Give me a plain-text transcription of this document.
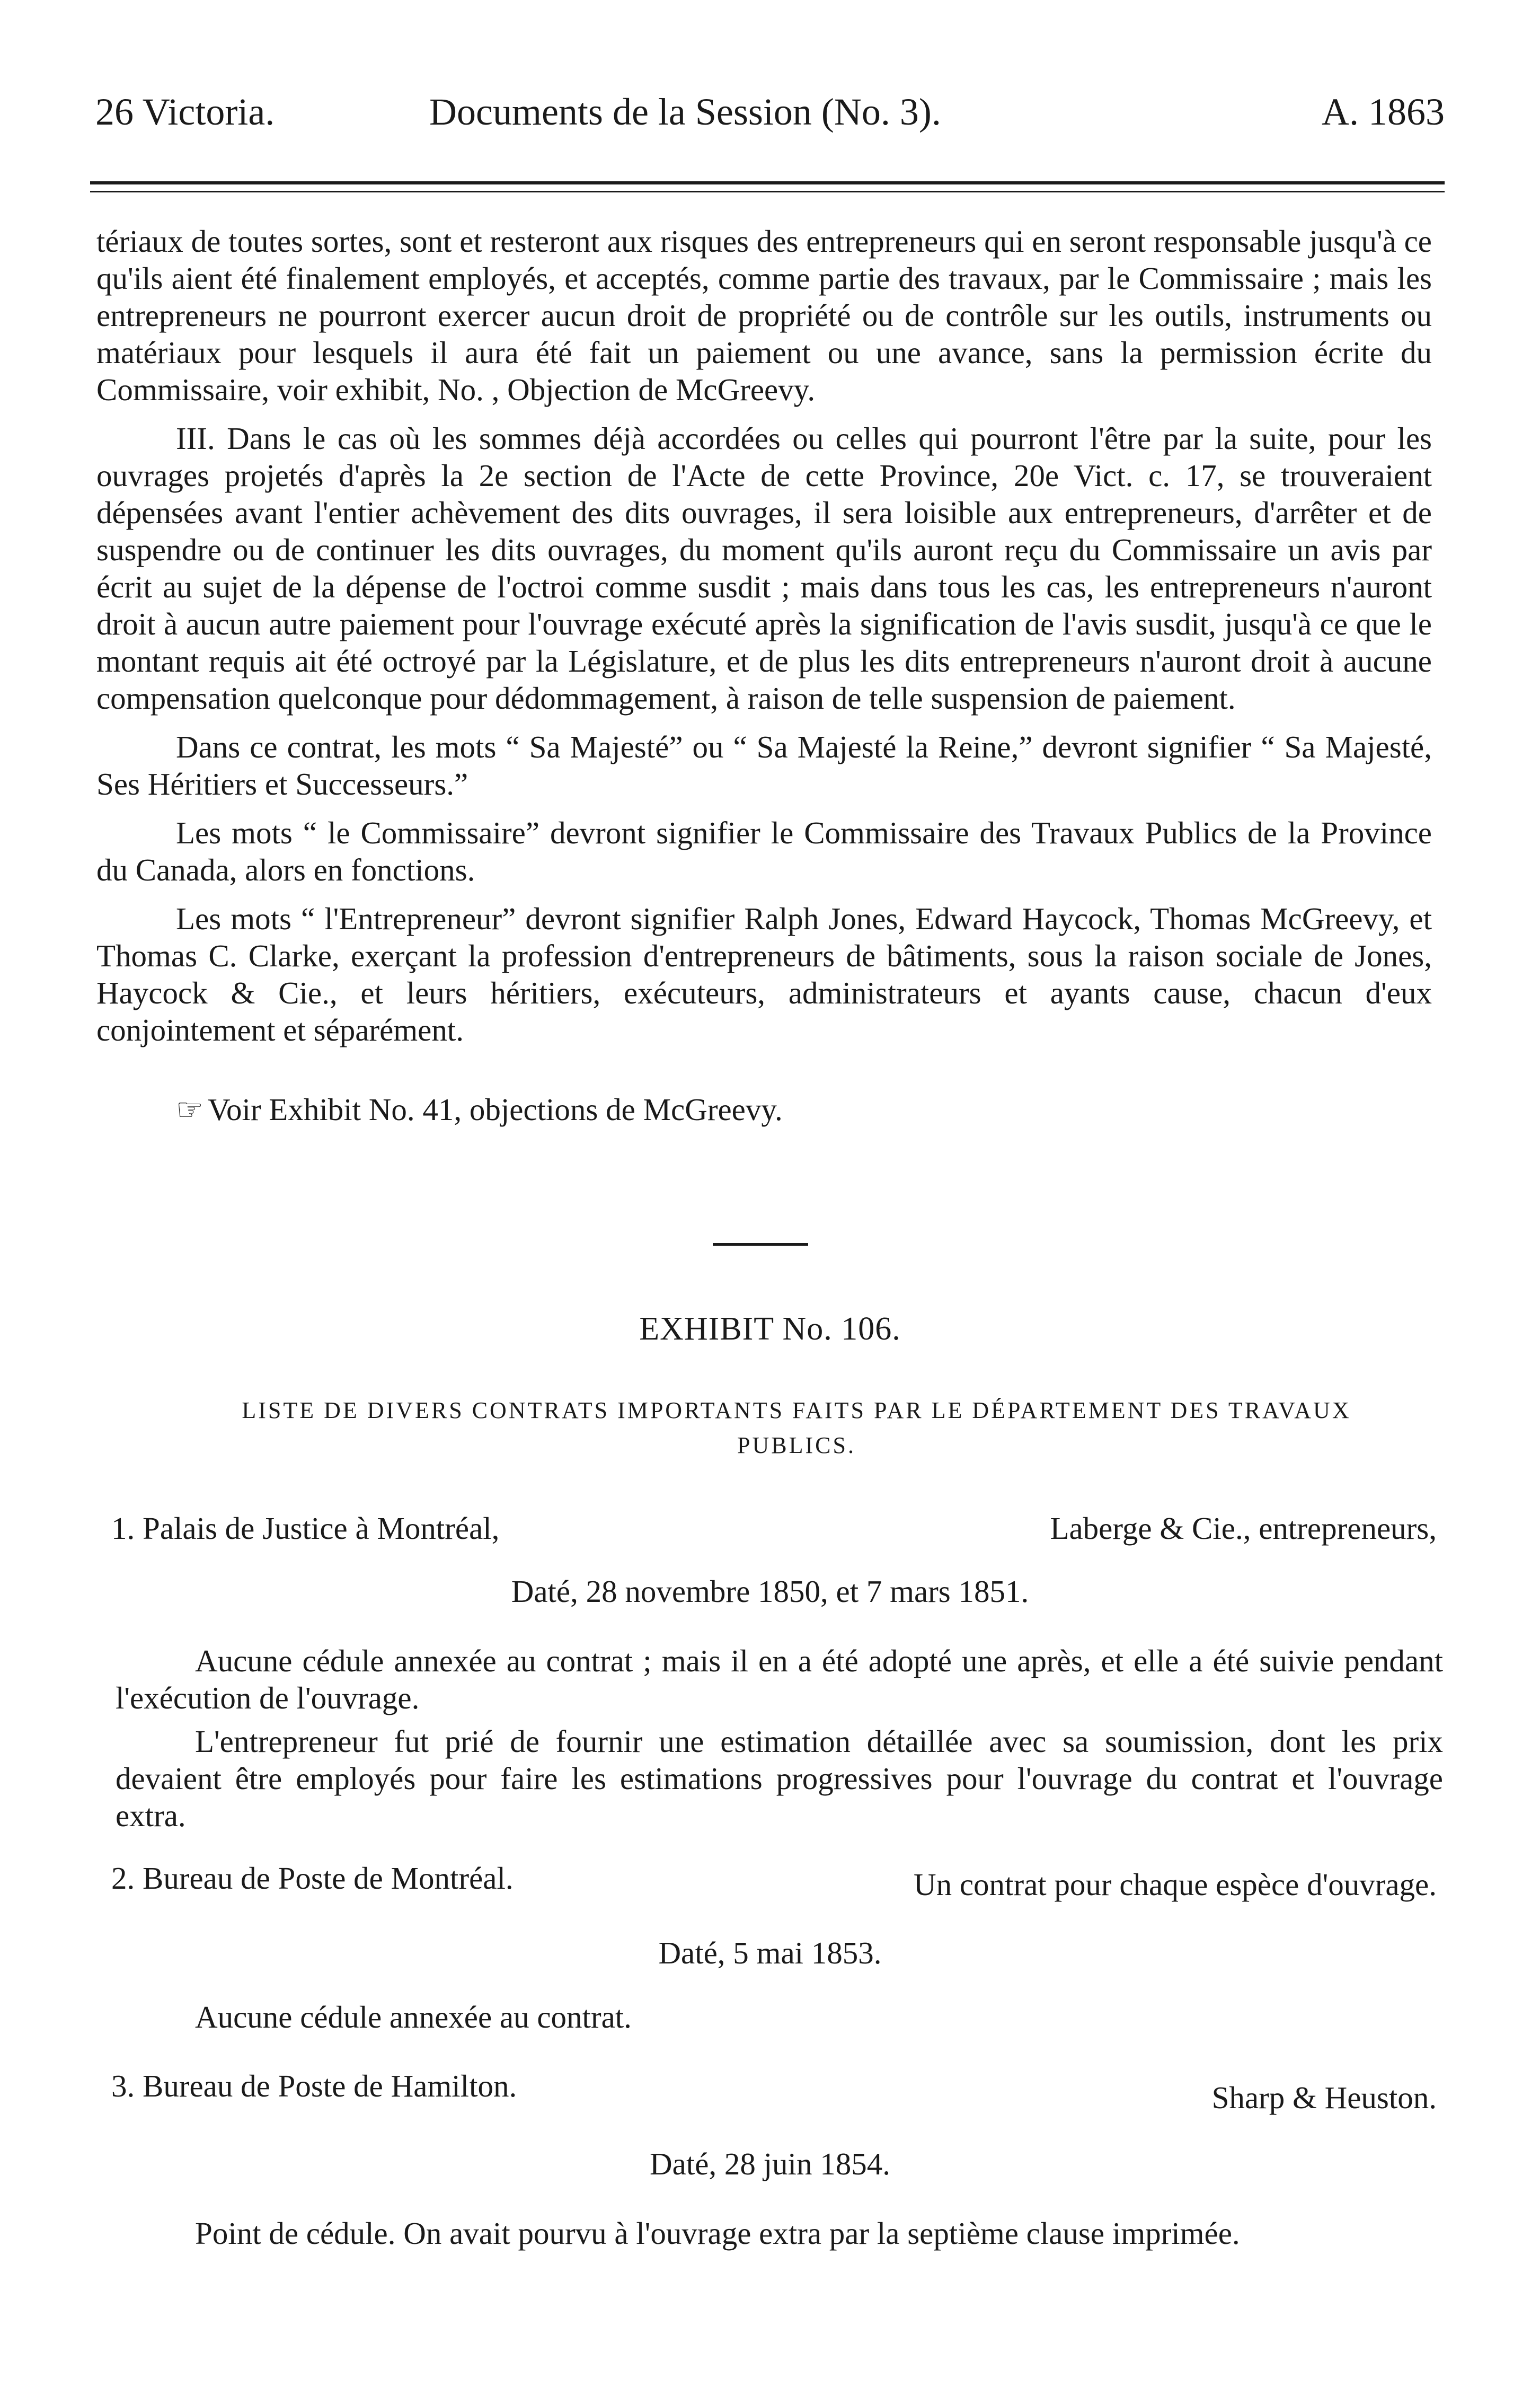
26 Victoria.	Documents de la Session (No. 3).	A. 1863

tériaux de toutes sortes, sont et resteront aux risques des entrepreneurs qui en seront responsable jusqu'à ce qu'ils aient été finalement employés, et acceptés, comme partie des travaux, par le Commissaire ; mais les entrepreneurs ne pourront exercer aucun droit de propriété ou de contrôle sur les outils, instruments ou matériaux pour lesquels il aura été fait un paiement ou une avance, sans la permission écrite du Commissaire, voir exhibit, No. , Objection de McGreevy.

III. Dans le cas où les sommes déjà accordées ou celles qui pourront l'être par la suite, pour les ouvrages projetés d'après la 2e section de l'Acte de cette Province, 20e Vict. c. 17, se trouveraient dépensées avant l'entier achèvement des dits ouvrages, il sera loisible aux entrepreneurs, d'arrêter et de suspendre ou de continuer les dits ouvrages, du moment qu'ils auront reçu du Commissaire un avis par écrit au sujet de la dépense de l'octroi comme susdit ; mais dans tous les cas, les entrepreneurs n'auront droit à aucun autre paiement pour l'ouvrage exécuté après la signification de l'avis susdit, jusqu'à ce que le montant requis ait été octroyé par la Législature, et de plus les dits entrepreneurs n'auront droit à aucune compensation quelconque pour dédommagement, à raison de telle suspension de paiement.

Dans ce contrat, les mots “ Sa Majesté” ou “ Sa Majesté la Reine,” devront signifier “ Sa Majesté, Ses Héritiers et Successeurs.”

Les mots “ le Commissaire” devront signifier le Commissaire des Travaux Publics de la Province du Canada, alors en fonctions.

Les mots “ l'Entrepreneur” devront signifier Ralph Jones, Edward Haycock, Thomas McGreevy, et Thomas C. Clarke, exerçant la profession d'entrepreneurs de bâtiments, sous la raison sociale de Jones, Haycock & Cie., et leurs héritiers, exécuteurs, administrateurs et ayants cause, chacun d'eux conjointement et séparément.

☞ Voir Exhibit No. 41, objections de McGreevy.

EXHIBIT No. 106.
LISTE DE DIVERS CONTRATS IMPORTANTS FAITS PAR LE DÉPARTEMENT DES TRAVAUX PUBLICS.
1. Palais de Justice à Montréal,	Laberge & Cie., entrepreneurs,
Daté, 28 novembre 1850, et 7 mars 1851.

Aucune cédule annexée au contrat ; mais il en a été adopté une après, et elle a été suivie pendant l'exécution de l'ouvrage.

L'entrepreneur fut prié de fournir une estimation détaillée avec sa soumission, dont les prix devaient être employés pour faire les estimations progressives pour l'ouvrage du contrat et l'ouvrage extra.

2. Bureau de Poste de Montréal.	Un contrat pour chaque espèce d'ouvrage.
Daté, 5 mai 1853.

Aucune cédule annexée au contrat.

3. Bureau de Poste de Hamilton.	Sharp & Heuston.
Daté, 28 juin 1854.

Point de cédule. On avait pourvu à l'ouvrage extra par la septième clause imprimée.
